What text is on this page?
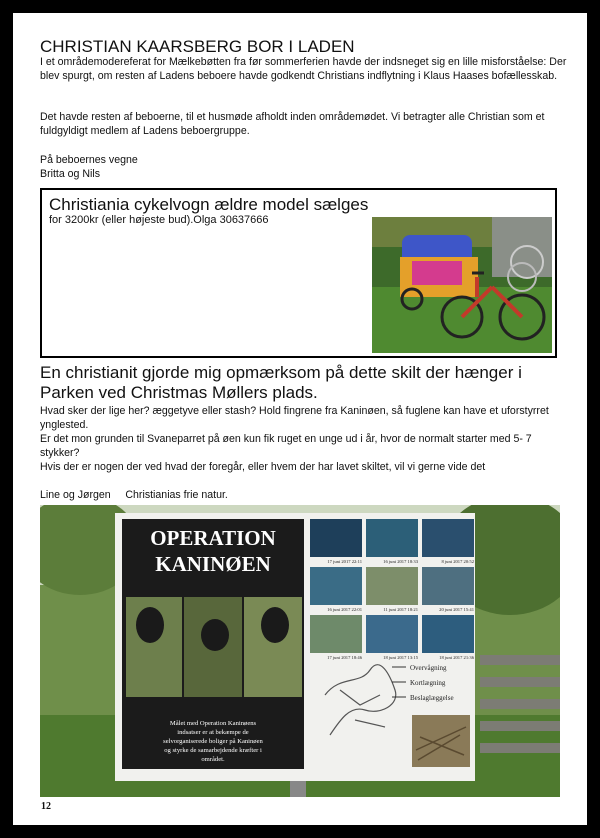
CHRISTIAN KAARSBERG BOR I LADEN
I et områdemodereferat for Mælkebøtten fra før sommerferien havde der indsneget sig en lille misforståelse: Der blev spurgt, om resten af Ladens beboere havde godkendt Christians indflytning i Klaus Haases bofællesskab.
Det havde resten af beboerne, til et husmøde afholdt inden områdemødet. Vi betragter alle Christian som et fuldgyldigt medlem af Ladens beboergruppe.
På beboernes vegne
Britta og Nils
Christiania cykelvogn ældre model sælges
for 3200kr (eller højeste bud).Olga 30637666
En christianit gjorde mig opmærksom på dette skilt der hænger i Parken ved Christmas Møllers plads.
Hvad sker der lige her? æggetyve eller stash? Hold fingrene fra Kaninøen, så fuglene kan have et uforstyrret ynglested.
Er det mon grunden til Svaneparret på øen kun fik ruget en unge ud i år, hvor de normalt starter med 5- 7 stykker?
Hvis der er nogen der ved hvad der foregår, eller hvem der har lavet skiltet, vil vi gerne vide det
Line og Jørgen Christianias frie natur.
OPERATION
KANINØEN
Målet med Operation Kaninøens
indsatser er at bekæmpe de
selvorganiserede boliger på Kaninøen
og styrke de samarbejdende kræfter i
området.
17 juni 2017 22:11	16 juni 2017 18:33	8 juni 2017 20:52
16 juni 2017 22:01	11 juni 2017 18:21	20 juni 2017 15:41
17 juni 2017 18:46	18 juni 2017 13:15	18 juni 2017 21:36
Overvågning
Kortlægning
Beslaglæggelse
12
